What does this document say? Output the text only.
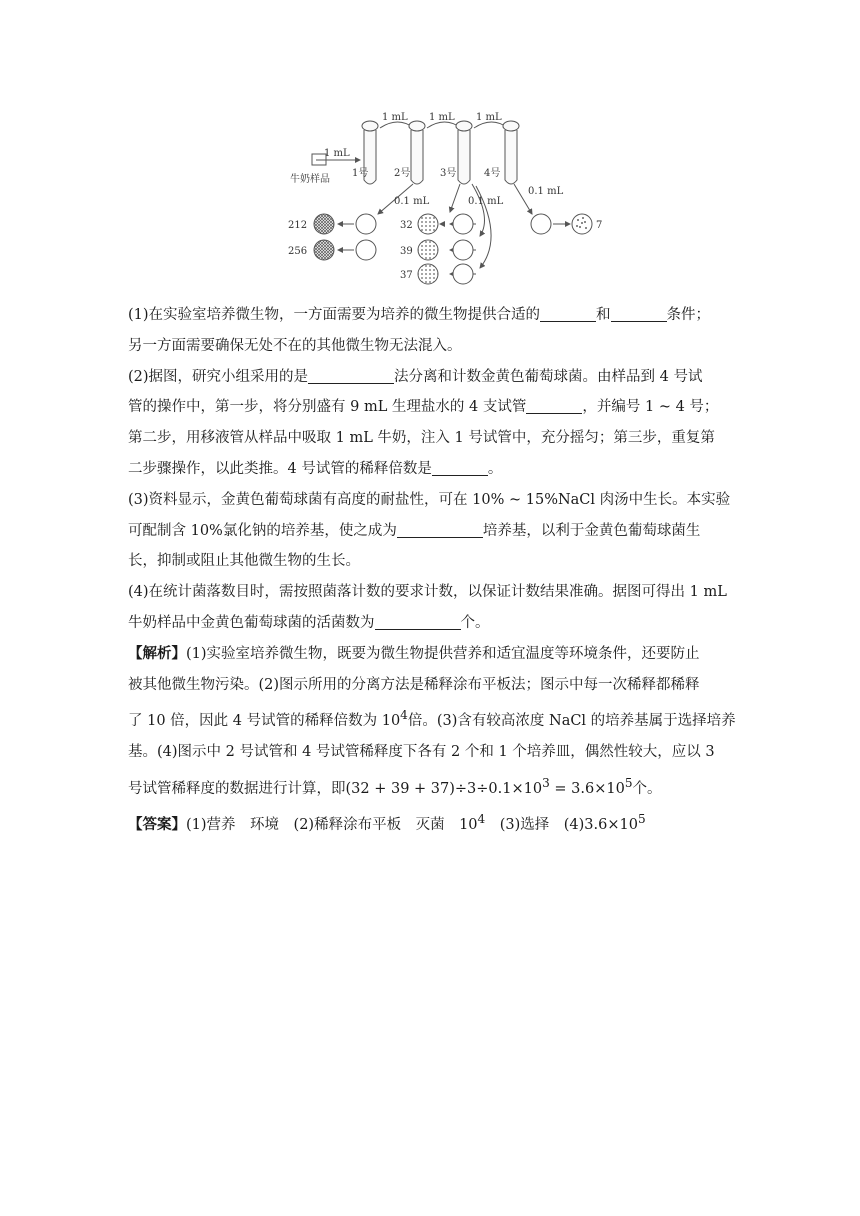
1 mL 1 mL 1 mL
1 mL
牛奶样品
1号	2号	3号	4号
0.1 mL	0.1 mL
0.1 mL
212
256
32
39
37
7

(1)在实验室培养微生物，一方面需要为培养的微生物提供合适的	和	条件；
另一方面需要确保无处不在的其他微生物无法混入。

(2)据图，研究小组采用的是	法分离和计数金黄色葡萄球菌。由样品到 4 号试
管的操作中，第一步，将分别盛有 9 mL 生理盐水的 4 支试管	，并编号 1 ~ 4 号；
第二步，用移液管从样品中吸取 1 mL 牛奶，注入 1 号试管中，充分摇匀；第三步，重复第
二步骤操作，以此类推。4 号试管的稀释倍数是	。

(3)资料显示，金黄色葡萄球菌有高度的耐盐性，可在 10% ~ 15%NaCl 肉汤中生长。本实验
可配制含 10%氯化钠的培养基，使之成为	培养基，以利于金黄色葡萄球菌生
长，抑制或阻止其他微生物的生长。

(4)在统计菌落数目时，需按照菌落计数的要求计数，以保证计数结果准确。据图可得出 1 mL
牛奶样品中金黄色葡萄球菌的活菌数为	个。

【解析】(1)实验室培养微生物，既要为微生物提供营养和适宜温度等环境条件，还要防止
被其他微生物污染。(2)图示所用的分离方法是稀释涂布平板法；图示中每一次稀释都稀释
了 10 倍，因此 4 号试管的稀释倍数为 $10^4$倍。(3)含有较高浓度 NaCl 的培养基属于选择培养
基。(4)图示中 2 号试管和 4 号试管稀释度下各有 2 个和 1 个培养皿，偶然性较大，应以 3
号试管稀释度的数据进行计算，即$(32 + 39 + 37)\div 3\div 0.1\times 10^3 = 3.6\times 10^5$个。

【答案】(1)营养　环境　(2)稀释涂布平板　灭菌　$10^4$　(3)选择　$(4)3.6\times 10^5$
